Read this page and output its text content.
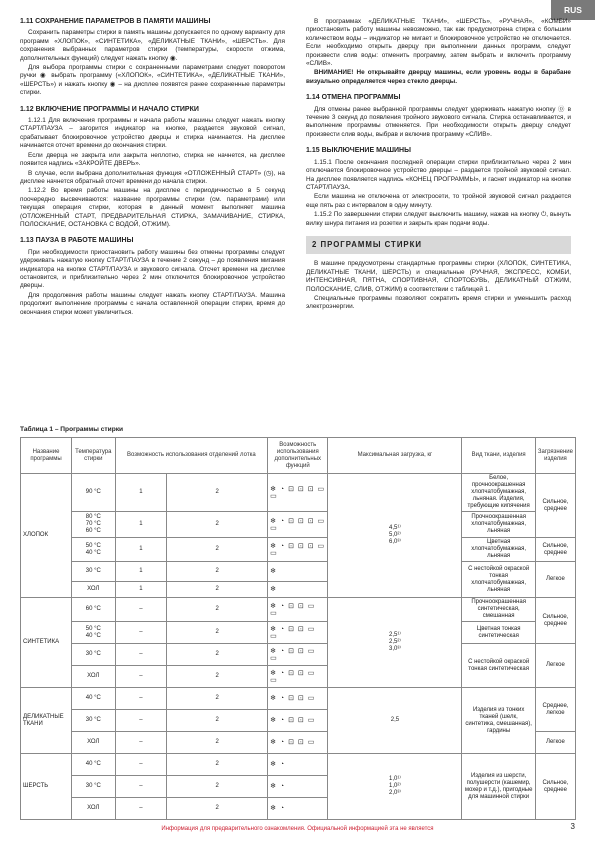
RUS
1.11 СОХРАНЕНИЕ ПАРАМЕТРОВ В ПАМЯТИ МАШИНЫ

Сохранить параметры стирки в память машины допускается по одному варианту для программ «ХЛОПОК», «СИНТЕТИКА», «ДЕЛИКАТНЫЕ ТКАНИ», «ШЕРСТЬ». Для сохранения выбранных параметров стирки (температуры, скорости отжима, дополнительных функций) следует нажать кнопку ◉.

Для выбора программы стирки с сохраненными параметрами следует повоpотом ручки ◉ выбрать программу («ХЛОПОК», «СИНТЕТИКА», «ДЕЛИКАТНЫЕ ТКАНИ», «ШЕРСТЬ») и нажать кнопку ◉ – на дисплее появятся ранее сохраненные параметры стирки.

1.12 ВКЛЮЧЕНИЕ ПРОГРАММЫ И НАЧАЛО СТИРКИ

1.12.1 Для включения программы и начала работы машины следует нажать кнопку СТАРТ/ПАУЗА – загорится индикатор на кнопке, раздается звуковой сигнал, срабатывает блокировочное устройство дверцы и стирка начинается. На дисплее начинается отсчет времени до окончания стирки.

Если дверца не закрыта или закрыта неплотно, стирка не начнется, на дисплее появится надпись «ЗАКРОЙТЕ ДВЕРЬ».

В случае, если выбрана дополнительная функция «ОТЛОЖЕННЫЙ СТАРТ» (◷), на дисплее начнется обратный отсчет времени до начала стирки.

1.12.2 Во время работы машины на дисплее с периодичностью в 5 секунд поочередно высвечиваются: название программы стирки (см. параметрами) или текущая операция стирки, которая в данный момент выполняет машина (ОТЛОЖЕННЫЙ СТАРТ, ПРЕДВАРИТЕЛЬНАЯ СТИРКА, ЗАМАЧИВАНИЕ, СТИРКА, ПОЛОСКАНИЕ, ОСТАНОВКА С ВОДОЙ, ОТЖИМ).

1.13 ПАУЗА В РАБОТЕ МАШИНЫ

При необходимости приостановить работу машины без отмены программы следует удерживать нажатую кнопку СТАРТ/ПАУЗА в течение 2 секунд – до появления мигания индикатора на кнопке СТАРТ/ПАУЗА и звукового сигнала. Отсчет времени на дисплее остановится, и приблизительно через 2 мин отключится блокировочное устройство дверцы.

Для продолжения работы машины следует нажать кнопку СТАРТ/ПАУЗА. Машина продолжит выполнение программы с начала оставленной операции стирки, время до окончания стирки может увеличиться.

В программах «ДЕЛИКАТНЫЕ ТКАНИ», «ШЕРСТЬ», «РУЧНАЯ», «КОМБИ» приостановить работу машины невозможно, так как предусмотрена стирка с большим количеством воды – индикатор не мигает и блокировочное устройство не отключается. Если необходимо открыть дверцу при выполнении данных программ, следует произвести слив воды: отменить программу, затем выбрать и включить программу «СЛИВ».

ВНИМАНИЕ! Не открывайте дверцу машины, если уровень воды в барабане визуально определяется через стекло дверцы.

1.14 ОТМЕНА ПРОГРАММЫ

Для отмены ранее выбранной программы следует удерживать нажатую кнопку ⓪ в течение 3 секунд до появления тройного звукового сигнала. Стирка останавливается, и выполнение программы отменяется. При необходимости открыть дверцу следует произвести слив воды, выбрав и включив программу «СЛИВ».

1.15 ВЫКЛЮЧЕНИЕ МАШИНЫ

1.15.1 После окончания последней операции стирки приблизительно через 2 мин отключается блокировочное устройство дверцы – раздается тройной звуковой сигнал. На дисплее появляется надпись «КОНЕЦ ПРОГРАММЫ», и гаснет индикатор на кнопке СТАРТ/ПАУЗА.

Если машина не отключена от электросети, то тройной звуковой сигнал раздается еще пять раз с интервалом в одну минуту.

1.15.2 По завершении стирки следует выключить машину, нажав на кнопку ⏻, вынуть вилку шнура питания из розетки и закрыть кран подачи воды.

2 ПРОГРАММЫ СТИРКИ

В машине предусмотрены стандартные программы стирки (ХЛОПОК, СИНТЕТИКА, ДЕЛИКАТНЫЕ ТКАНИ, ШЕРСТЬ) и специальные (РУЧНАЯ, ЭКСПРЕСС, КОМБИ, ИНТЕНСИВНАЯ, ПЯТНА, СПОРТИВНАЯ, СПОРТОБУВЬ, ДЕЛИКАТНЫЙ ОТЖИМ, ПОЛОСКАНИЕ, СЛИВ, ОТЖИМ) в соответствии с таблицей 1.

Специальные программы позволяют сократить время стирки и уменьшить расход электроэнергии.

Таблица 1 – Программы стирки
Название программы	Температура стирки	Возможность использования отделений лотка		Возможность использования дополнительных функций	Максимальная загрузка, кг	Вид ткани, изделия	Загрязнение изделия
ХЛОПОК	90 °С	1	2	❄ ◔ ⊡ ⊡ ⊡ ▭ ▭	4,5¹⁾
5,0²⁾
6,0³⁾	Белое, прочноокрашенная хлопчатобумажная, льняная. Изделия, требующие кипячения	Сильное, среднее
	80 °С
70 °С
60 °С	1	2	❄ ◔ ⊡ ⊡ ⊡ ▭ ▭		Прочноокрашенная хлопчатобумажная, льняная	
	50 °С
40 °С	1	2	❄ ◔ ⊡ ⊡ ⊡ ▭ ▭		Цветная хлопчатобумажная, льняная	Сильное, среднее
	30 °С	1	2	❄		С нестойкой окраской тонкая хлопчатобумажная, льняная	Легкое
	ХОЛ	1	2	❄			
СИНТЕТИКА	60 °С	–	2	❄ ◔ ⊡ ⊡ ▭ ▭	2,5¹⁾
2,5²⁾
3,0³⁾	Прочноокрашенная синтетическая, смешанная	Сильное, среднее
	50 °С
40 °С	–	2	❄ ◔ ⊡ ⊡ ▭ ▭		Цветная тонкая синтетическая	
	30 °С	–	2	❄ ◔ ⊡ ⊡ ▭ ▭		С нестойкой окраской тонкая синтетическая	Легкое
	ХОЛ	–	2	❄ ◔ ⊡ ⊡ ▭ ▭			
ДЕЛИКАТНЫЕ ТКАНИ	40 °С	–	2	❄ ◔ ⊡ ⊡ ▭	2,5	Изделия из тонких тканей (шелк, синтетика, смешанная), гардины	Среднее, легкое
	30 °С	–	2	❄ ◔ ⊡ ⊡ ▭			
	ХОЛ	–	2	❄ ◔ ⊡ ⊡ ▭			Легкое
ШЕРСТЬ	40 °С	–	2	❄ ◔	1,0¹⁾
1,0²⁾
2,0³⁾	Изделия из шерсти, полушерсти (кашемир, мохер и т.д.), пригодные для машинной стирки	Сильное, среднее
	30 °С	–	2	❄ ◔			
	ХОЛ	–	2	❄ ◔			
Информация для предварительного ознакомления. Официальной информацией эта не является	3
